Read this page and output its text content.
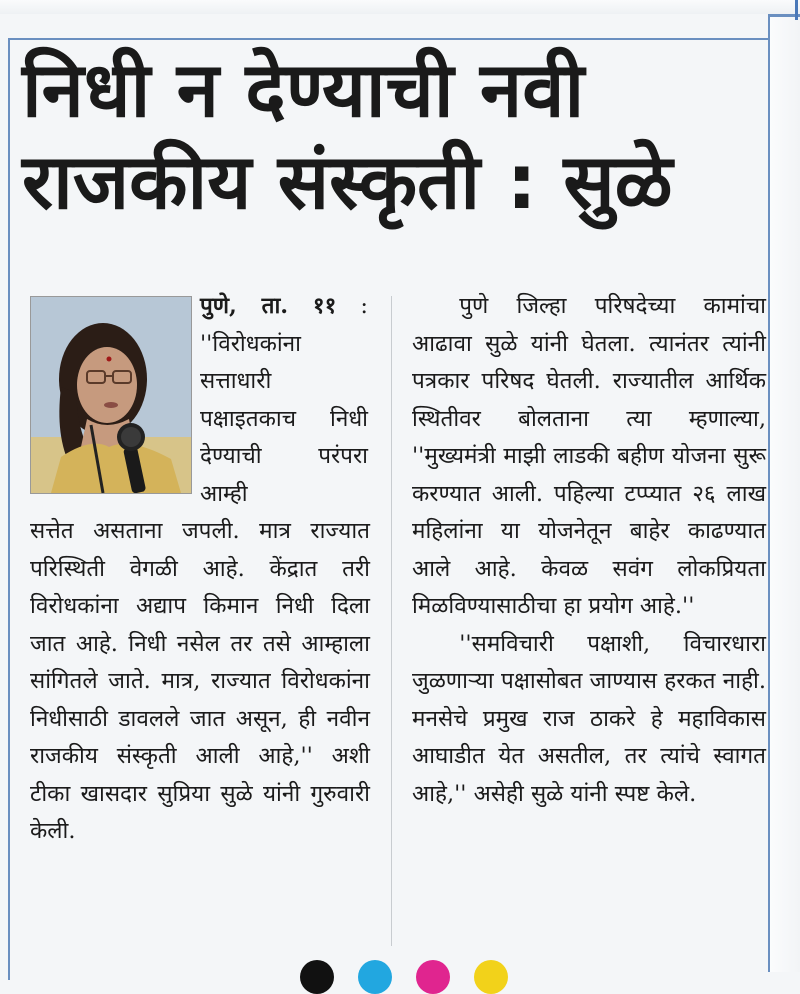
निधी न देण्याची नवी
राजकीय संस्कृती : सुळे
पुणे, ता. ११ : ''विरोधकांना सत्ताधारी पक्षाइतकाच निधी देण्याची परंपरा आम्ही

सत्तेत असताना जपली. मात्र राज्यात परिस्थिती वेगळी आहे. केंद्रात तरी विरोधकांना अद्याप किमान निधी दिला जात आहे. निधी नसेल तर तसे आम्हाला सांगितले जाते. मात्र, राज्यात विरोधकांना निधीसाठी डावलले जात असून, ही नवीन राजकीय संस्कृती आली आहे,'' अशी टीका खासदार सुप्रिया सुळे यांनी गुरुवारी केली.

पुणे जिल्हा परिषदेच्या कामांचा आढावा सुळे यांनी घेतला. त्यानंतर त्यांनी पत्रकार परिषद घेतली. राज्यातील आर्थिक स्थितीवर बोलताना त्या म्हणाल्या, ''मुख्यमंत्री माझी लाडकी बहीण योजना सुरू करण्यात आली. पहिल्या टप्प्यात २६ लाख महिलांना या योजनेतून बाहेर काढण्यात आले आहे. केवळ सवंग लोकप्रियता मिळविण्यासाठीचा हा प्रयोग आहे.''

''समविचारी पक्षाशी, विचारधारा जुळणाऱ्या पक्षासोबत जाण्यास हरकत नाही. मनसेचे प्रमुख राज ठाकरे हे महाविकास आघाडीत येत असतील, तर त्यांचे स्वागत आहे,'' असेही सुळे यांनी स्पष्ट केले.
